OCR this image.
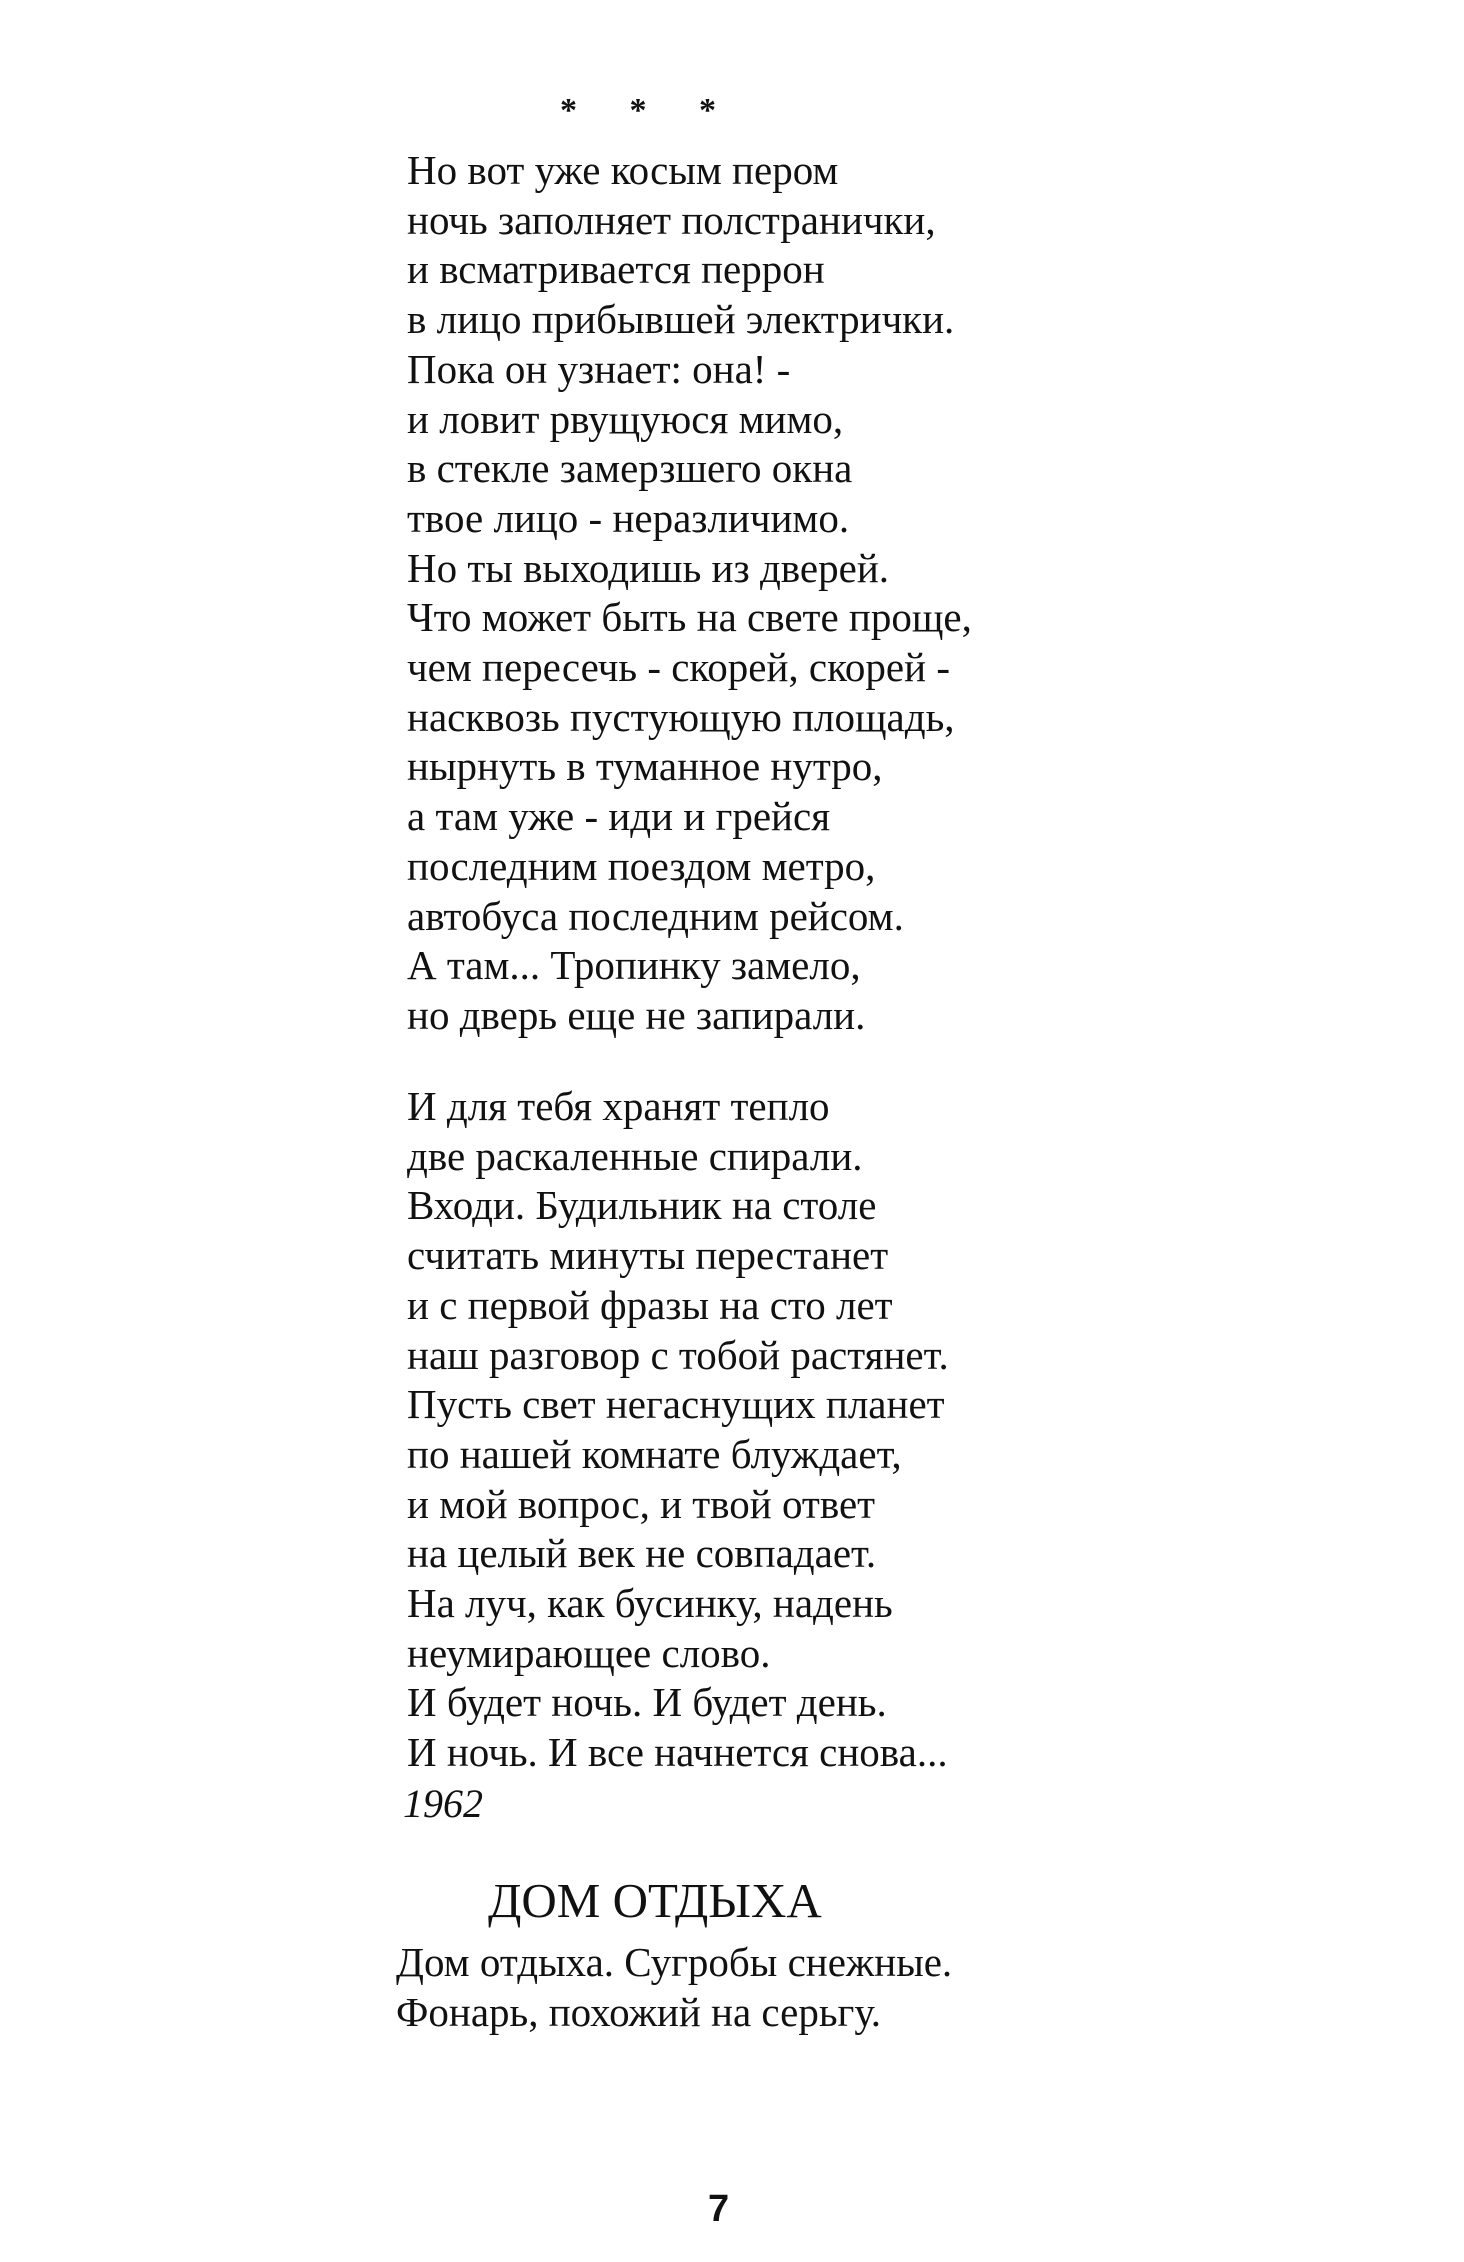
* * *
Но вот уже косым пером
ночь заполняет полстранички,
и всматривается перрон
в лицо прибывшей электрички.
Пока он узнает: она! -
и ловит рвущуюся мимо,
в стекле замерзшего окна
твое лицо - неразличимо.
Но ты выходишь из дверей.
Что может быть на свете проще,
чем пересечь - скорей, скорей -
насквозь пустующую площадь,
нырнуть в туманное нутро,
а там уже - иди и грейся
последним поездом метро,
автобуса последним рейсом.
А там... Тропинку замело,
но дверь еще не запирали.
И для тебя хранят тепло
две раскаленные спирали.
Входи. Будильник на столе
считать минуты перестанет
и с первой фразы на сто лет
наш разговор с тобой растянет.
Пусть свет негаснущих планет
по нашей комнате блуждает,
и мой вопрос, и твой ответ
на целый век не совпадает.
На луч, как бусинку, надень
неумирающее слово.
И будет ночь. И будет день.
И ночь. И все начнется снова...
1962
ДОМ ОТДЫХА
Дом отдыха. Сугробы снежные.
Фонарь, похожий на серьгу.
7
